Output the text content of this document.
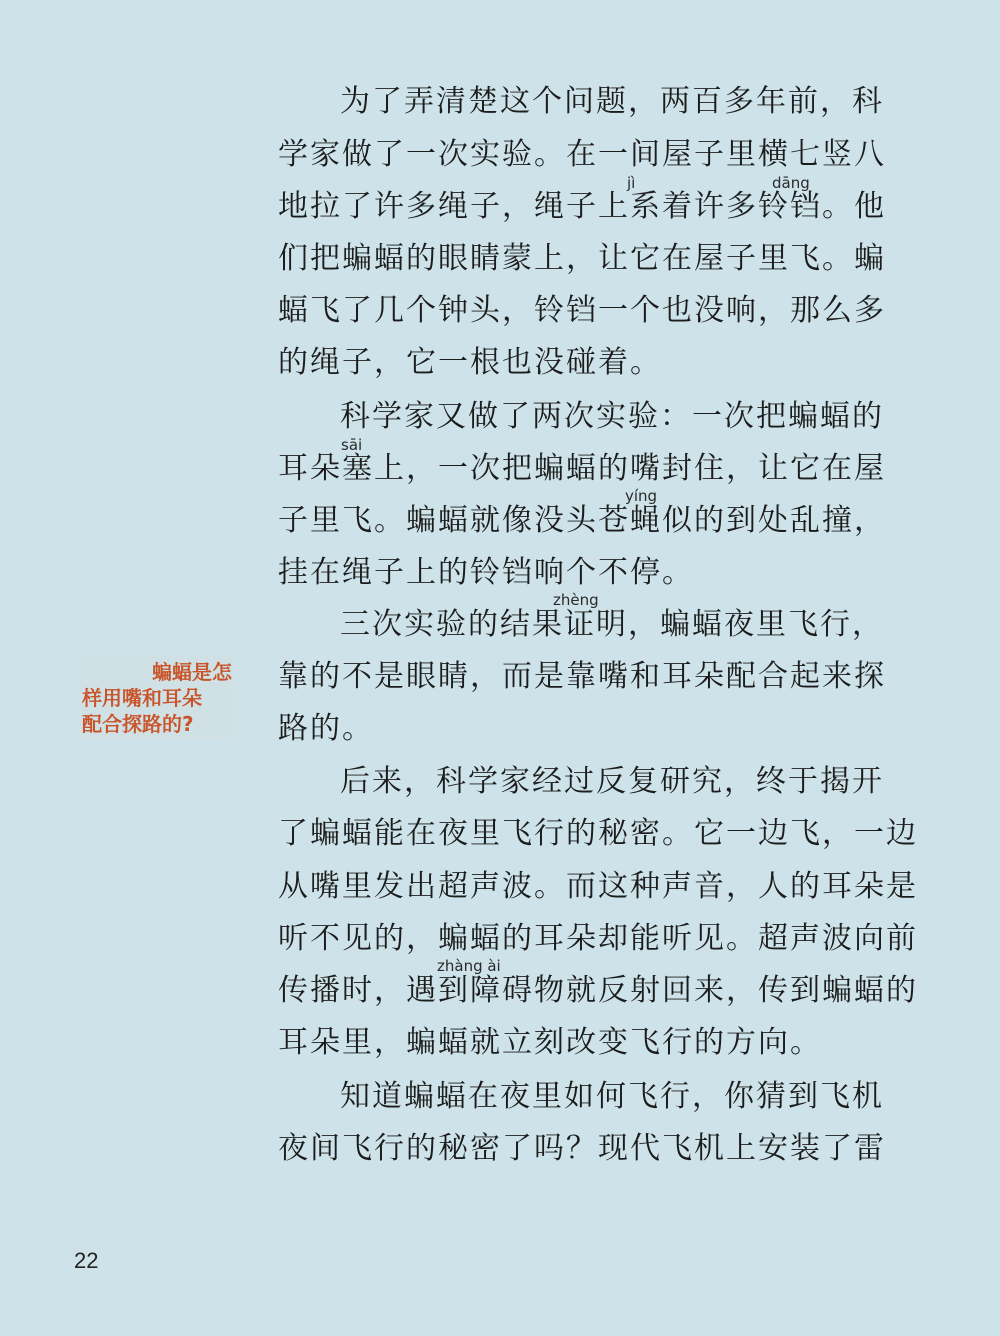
为了弄清楚这个问题，两百多年前，科
学家做了一次实验。在一间屋子里横七竖八
jì	dāng
地拉了许多绳子，绳子上系着许多铃铛。他
们把蝙蝠的眼睛蒙上，让它在屋子里飞。蝙
蝠飞了几个钟头，铃铛一个也没响，那么多
的绳子，它一根也没碰着。
科学家又做了两次实验：一次把蝙蝠的
sāi
耳朵塞上，一次把蝙蝠的嘴封住，让它在屋
yíng
子里飞。蝙蝠就像没头苍蝇似的到处乱撞，
挂在绳子上的铃铛响个不停。
zhèng
三次实验的结果证明，蝙蝠夜里飞行，
靠的不是眼睛，而是靠嘴和耳朵配合起来探
路的。
蝙蝠是怎
样用嘴和耳朵
配合探路的?
后来，科学家经过反复研究，终于揭开
了蝙蝠能在夜里飞行的秘密。它一边飞，一边
从嘴里发出超声波。而这种声音，人的耳朵是
听不见的，蝙蝠的耳朵却能听见。超声波向前
zhàng ài
传播时，遇到障碍物就反射回来，传到蝙蝠的
耳朵里，蝙蝠就立刻改变飞行的方向。
知道蝙蝠在夜里如何飞行，你猜到飞机
夜间飞行的秘密了吗？现代飞机上安装了雷
22
